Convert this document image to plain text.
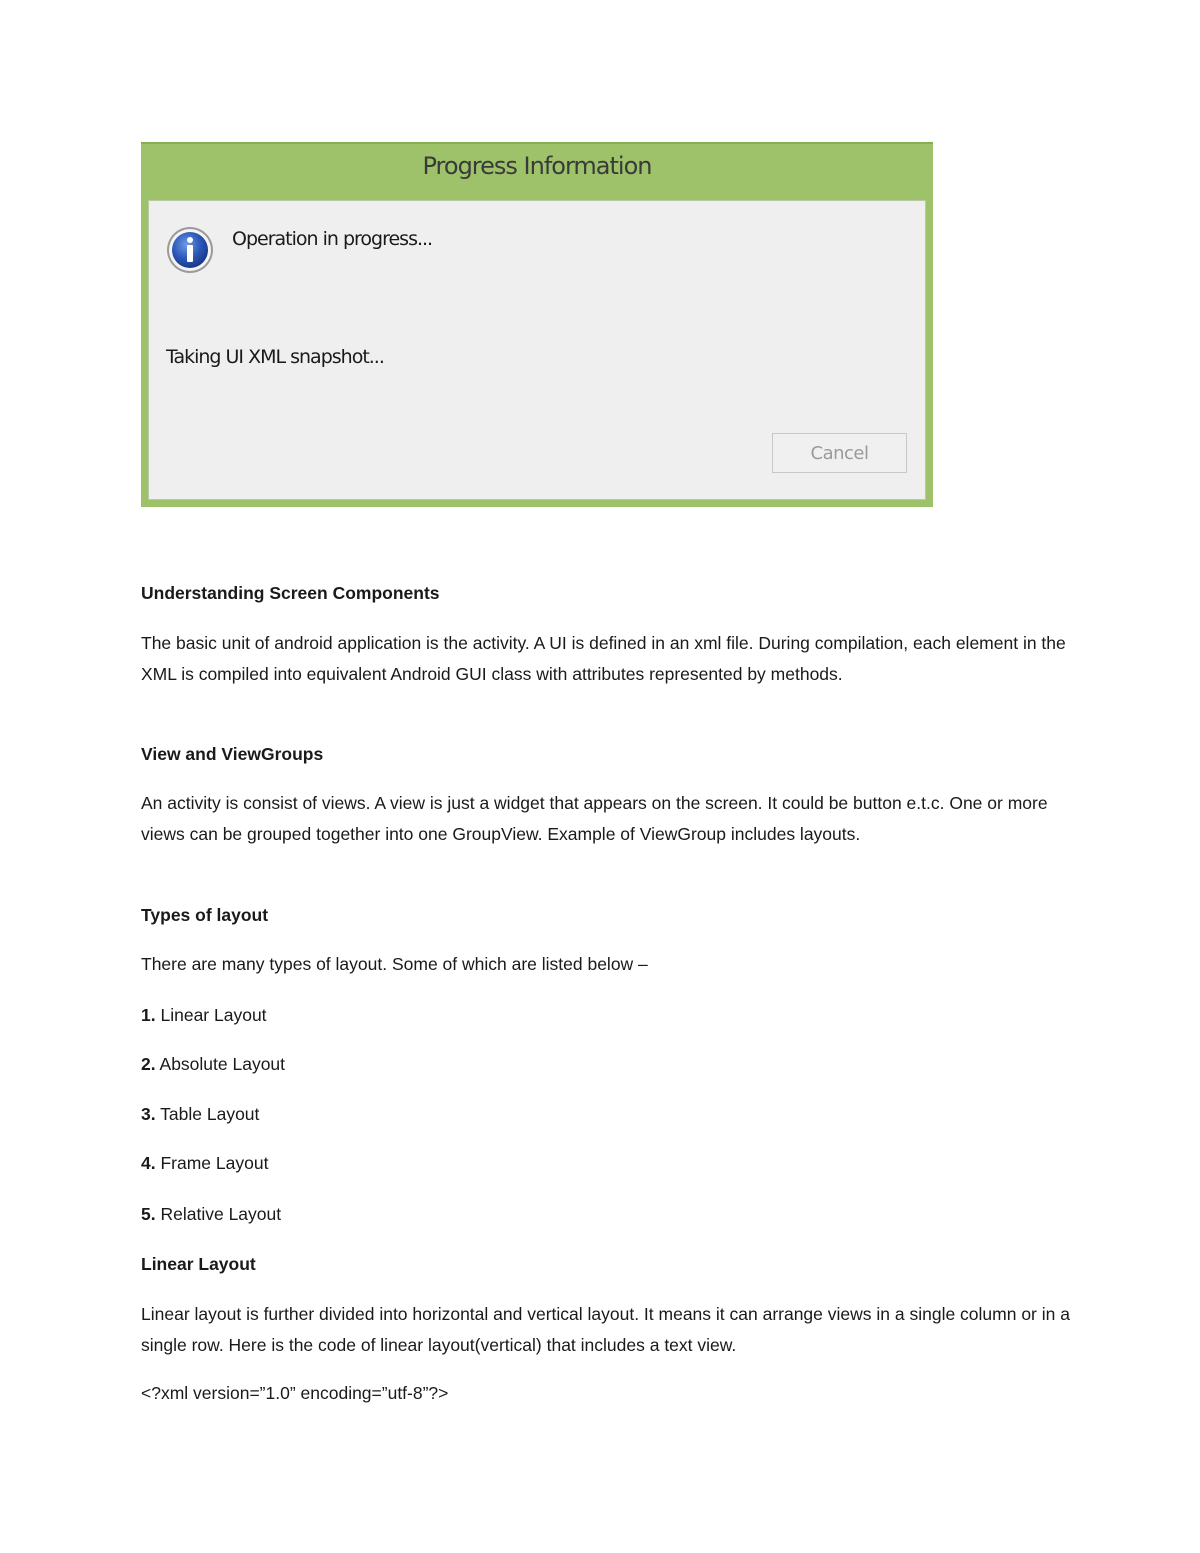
Progress Information
Operation in progress...
Taking UI XML snapshot...
Cancel

Understanding Screen Components

The basic unit of android application is the activity. A UI is defined in an xml file. During compilation, each element in the XML is compiled into equivalent Android GUI class with attributes represented by methods.

View and ViewGroups

An activity is consist of views. A view is just a widget that appears on the screen. It could be button e.t.c. One or more views can be grouped together into one GroupView. Example of ViewGroup includes layouts.

Types of layout

There are many types of layout. Some of which are listed below –

1. Linear Layout

2. Absolute Layout

3. Table Layout

4. Frame Layout

5. Relative Layout

Linear Layout

Linear layout is further divided into horizontal and vertical layout. It means it can arrange views in a single column or in a single row. Here is the code of linear layout(vertical) that includes a text view.

<?xml version=”1.0” encoding=”utf-8”?>
